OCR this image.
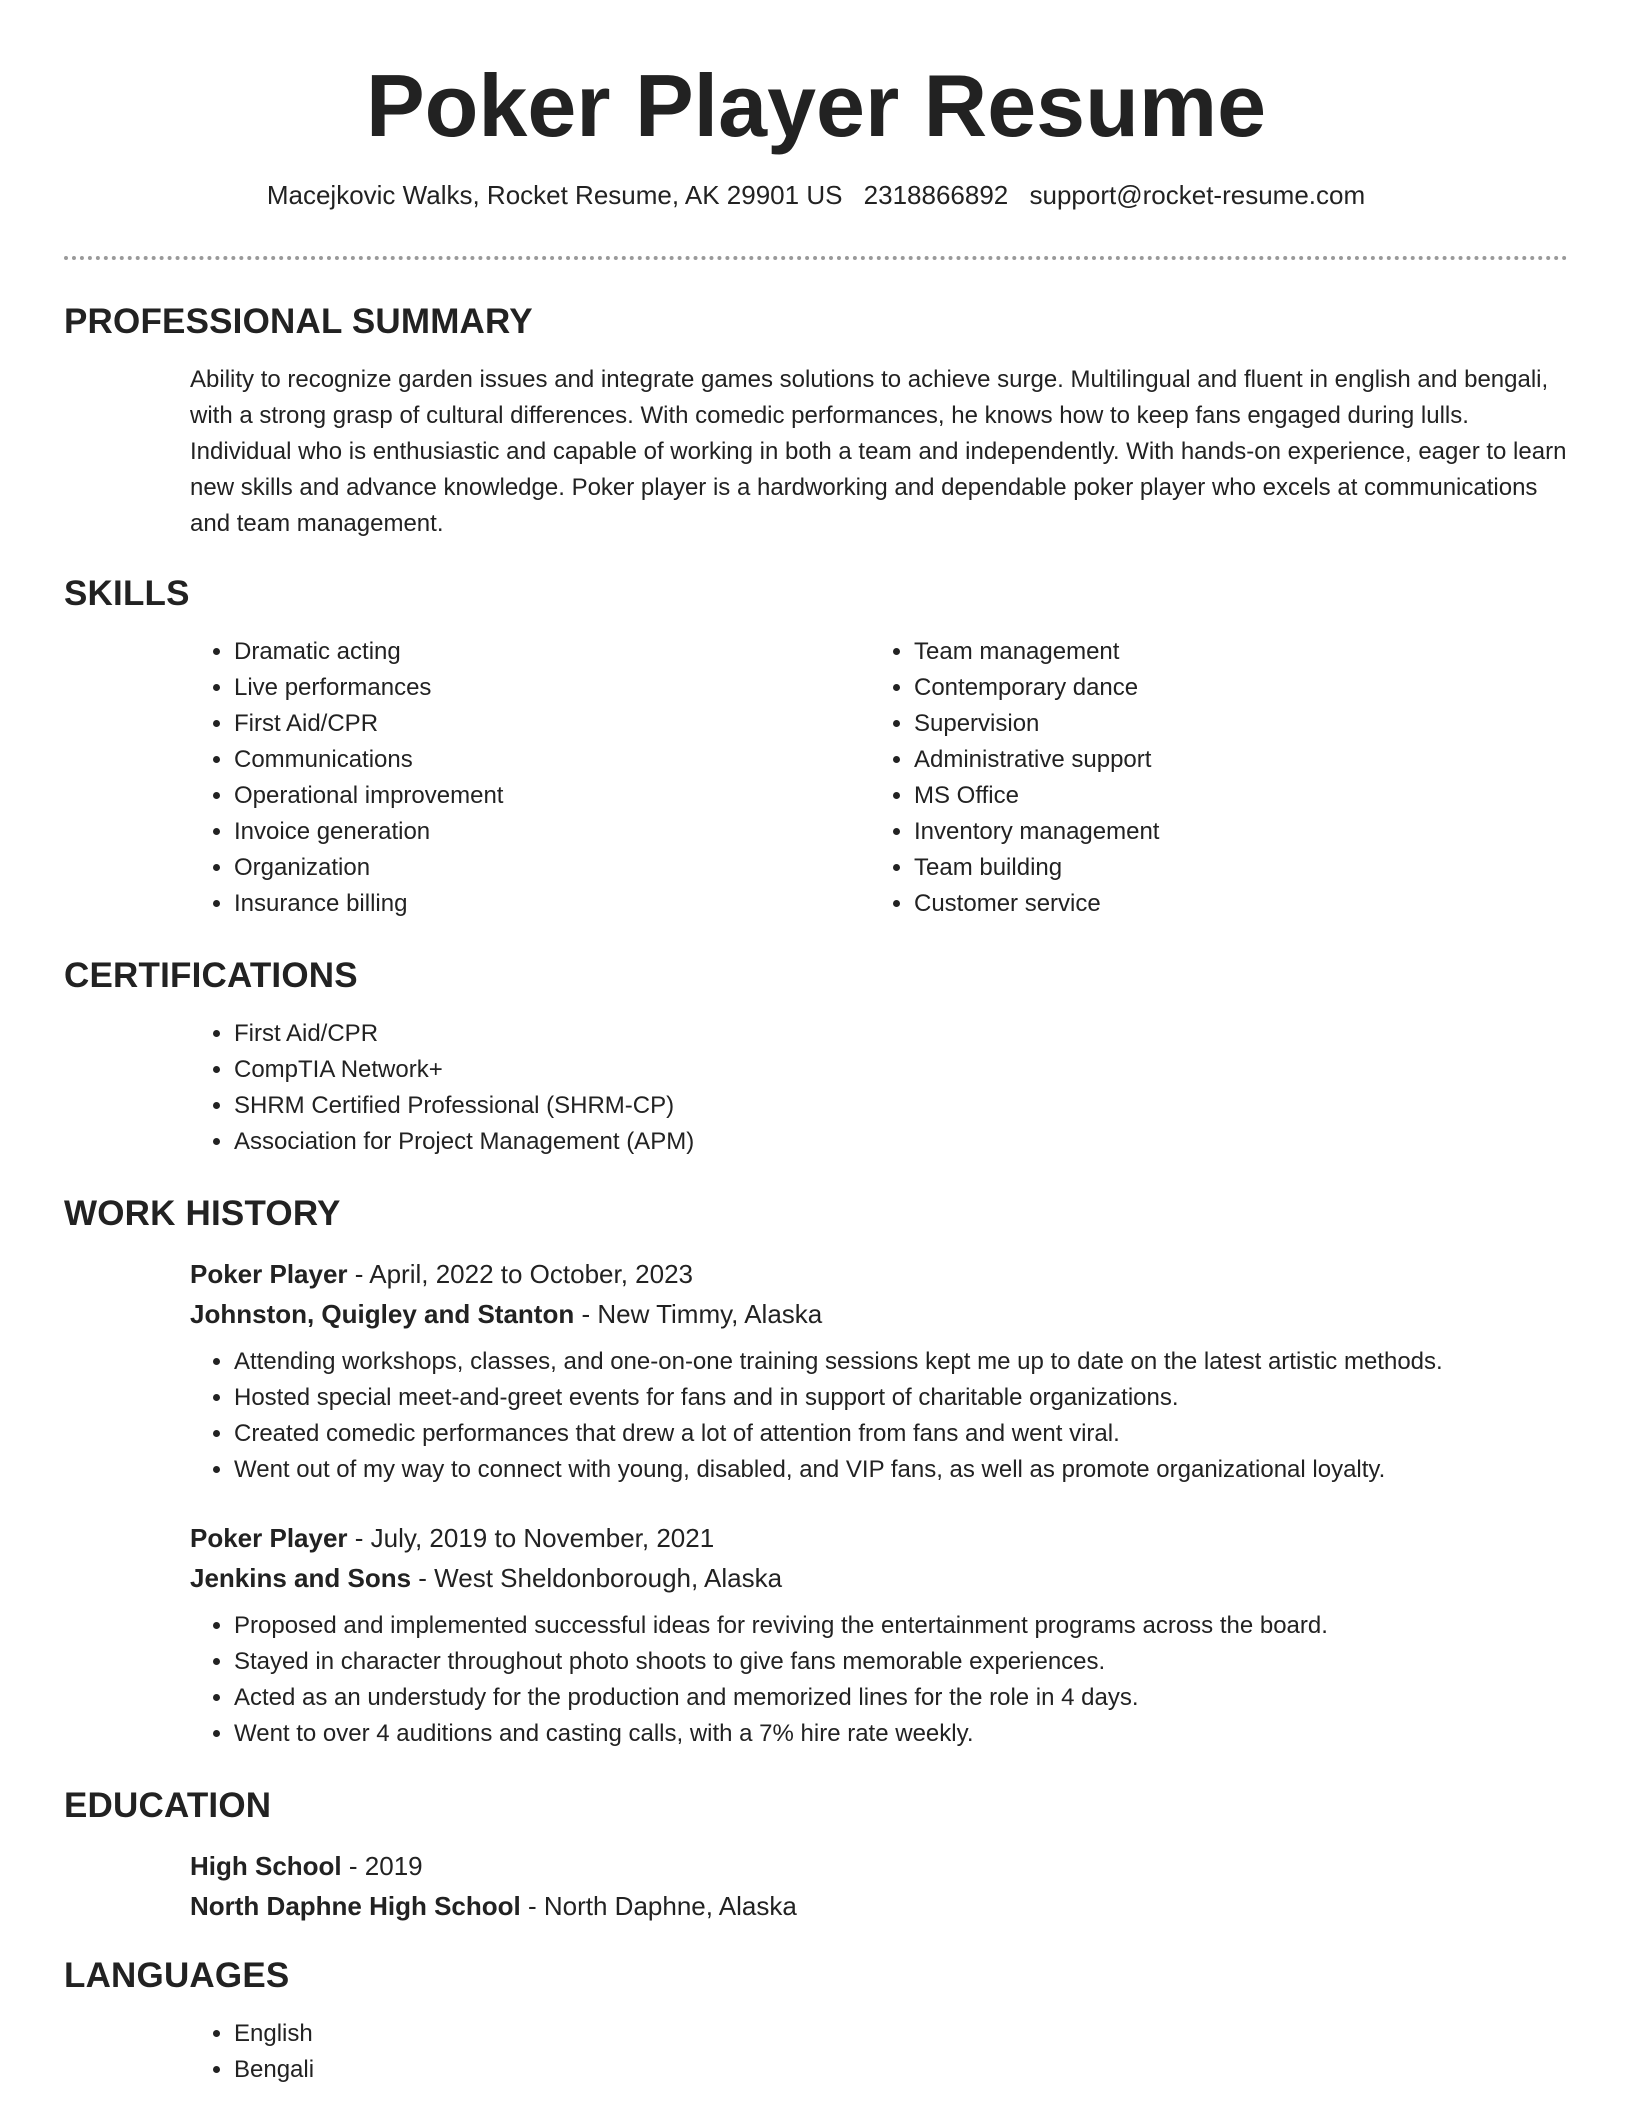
Poker Player Resume
Macejkovic Walks, Rocket Resume, AK 29901 US 2318866892 support@rocket-resume.com
PROFESSIONAL SUMMARY

Ability to recognize garden issues and integrate games solutions to achieve surge. Multilingual and fluent in english and bengali, with a strong grasp of cultural differences. With comedic performances, he knows how to keep fans engaged during lulls. Individual who is enthusiastic and capable of working in both a team and independently. With hands-on experience, eager to learn new skills and advance knowledge. Poker player is a hardworking and dependable poker player who excels at communications and team management.

SKILLS
• Dramatic acting
• Live performances
• First Aid/CPR
• Communications
• Operational improvement
• Invoice generation
• Organization
• Insurance billing
• Team management
• Contemporary dance
• Supervision
• Administrative support
• MS Office
• Inventory management
• Team building
• Customer service
CERTIFICATIONS
• First Aid/CPR
• CompTIA Network+
• SHRM Certified Professional (SHRM-CP)
• Association for Project Management (APM)
WORK HISTORY
Poker Player - April, 2022 to October, 2023
Johnston, Quigley and Stanton - New Timmy, Alaska
• Attending workshops, classes, and one-on-one training sessions kept me up to date on the latest artistic methods.
• Hosted special meet-and-greet events for fans and in support of charitable organizations.
• Created comedic performances that drew a lot of attention from fans and went viral.
• Went out of my way to connect with young, disabled, and VIP fans, as well as promote organizational loyalty.
Poker Player - July, 2019 to November, 2021
Jenkins and Sons - West Sheldonborough, Alaska
• Proposed and implemented successful ideas for reviving the entertainment programs across the board.
• Stayed in character throughout photo shoots to give fans memorable experiences.
• Acted as an understudy for the production and memorized lines for the role in 4 days.
• Went to over 4 auditions and casting calls, with a 7% hire rate weekly.
EDUCATION
High School - 2019
North Daphne High School - North Daphne, Alaska
LANGUAGES
• English
• Bengali
